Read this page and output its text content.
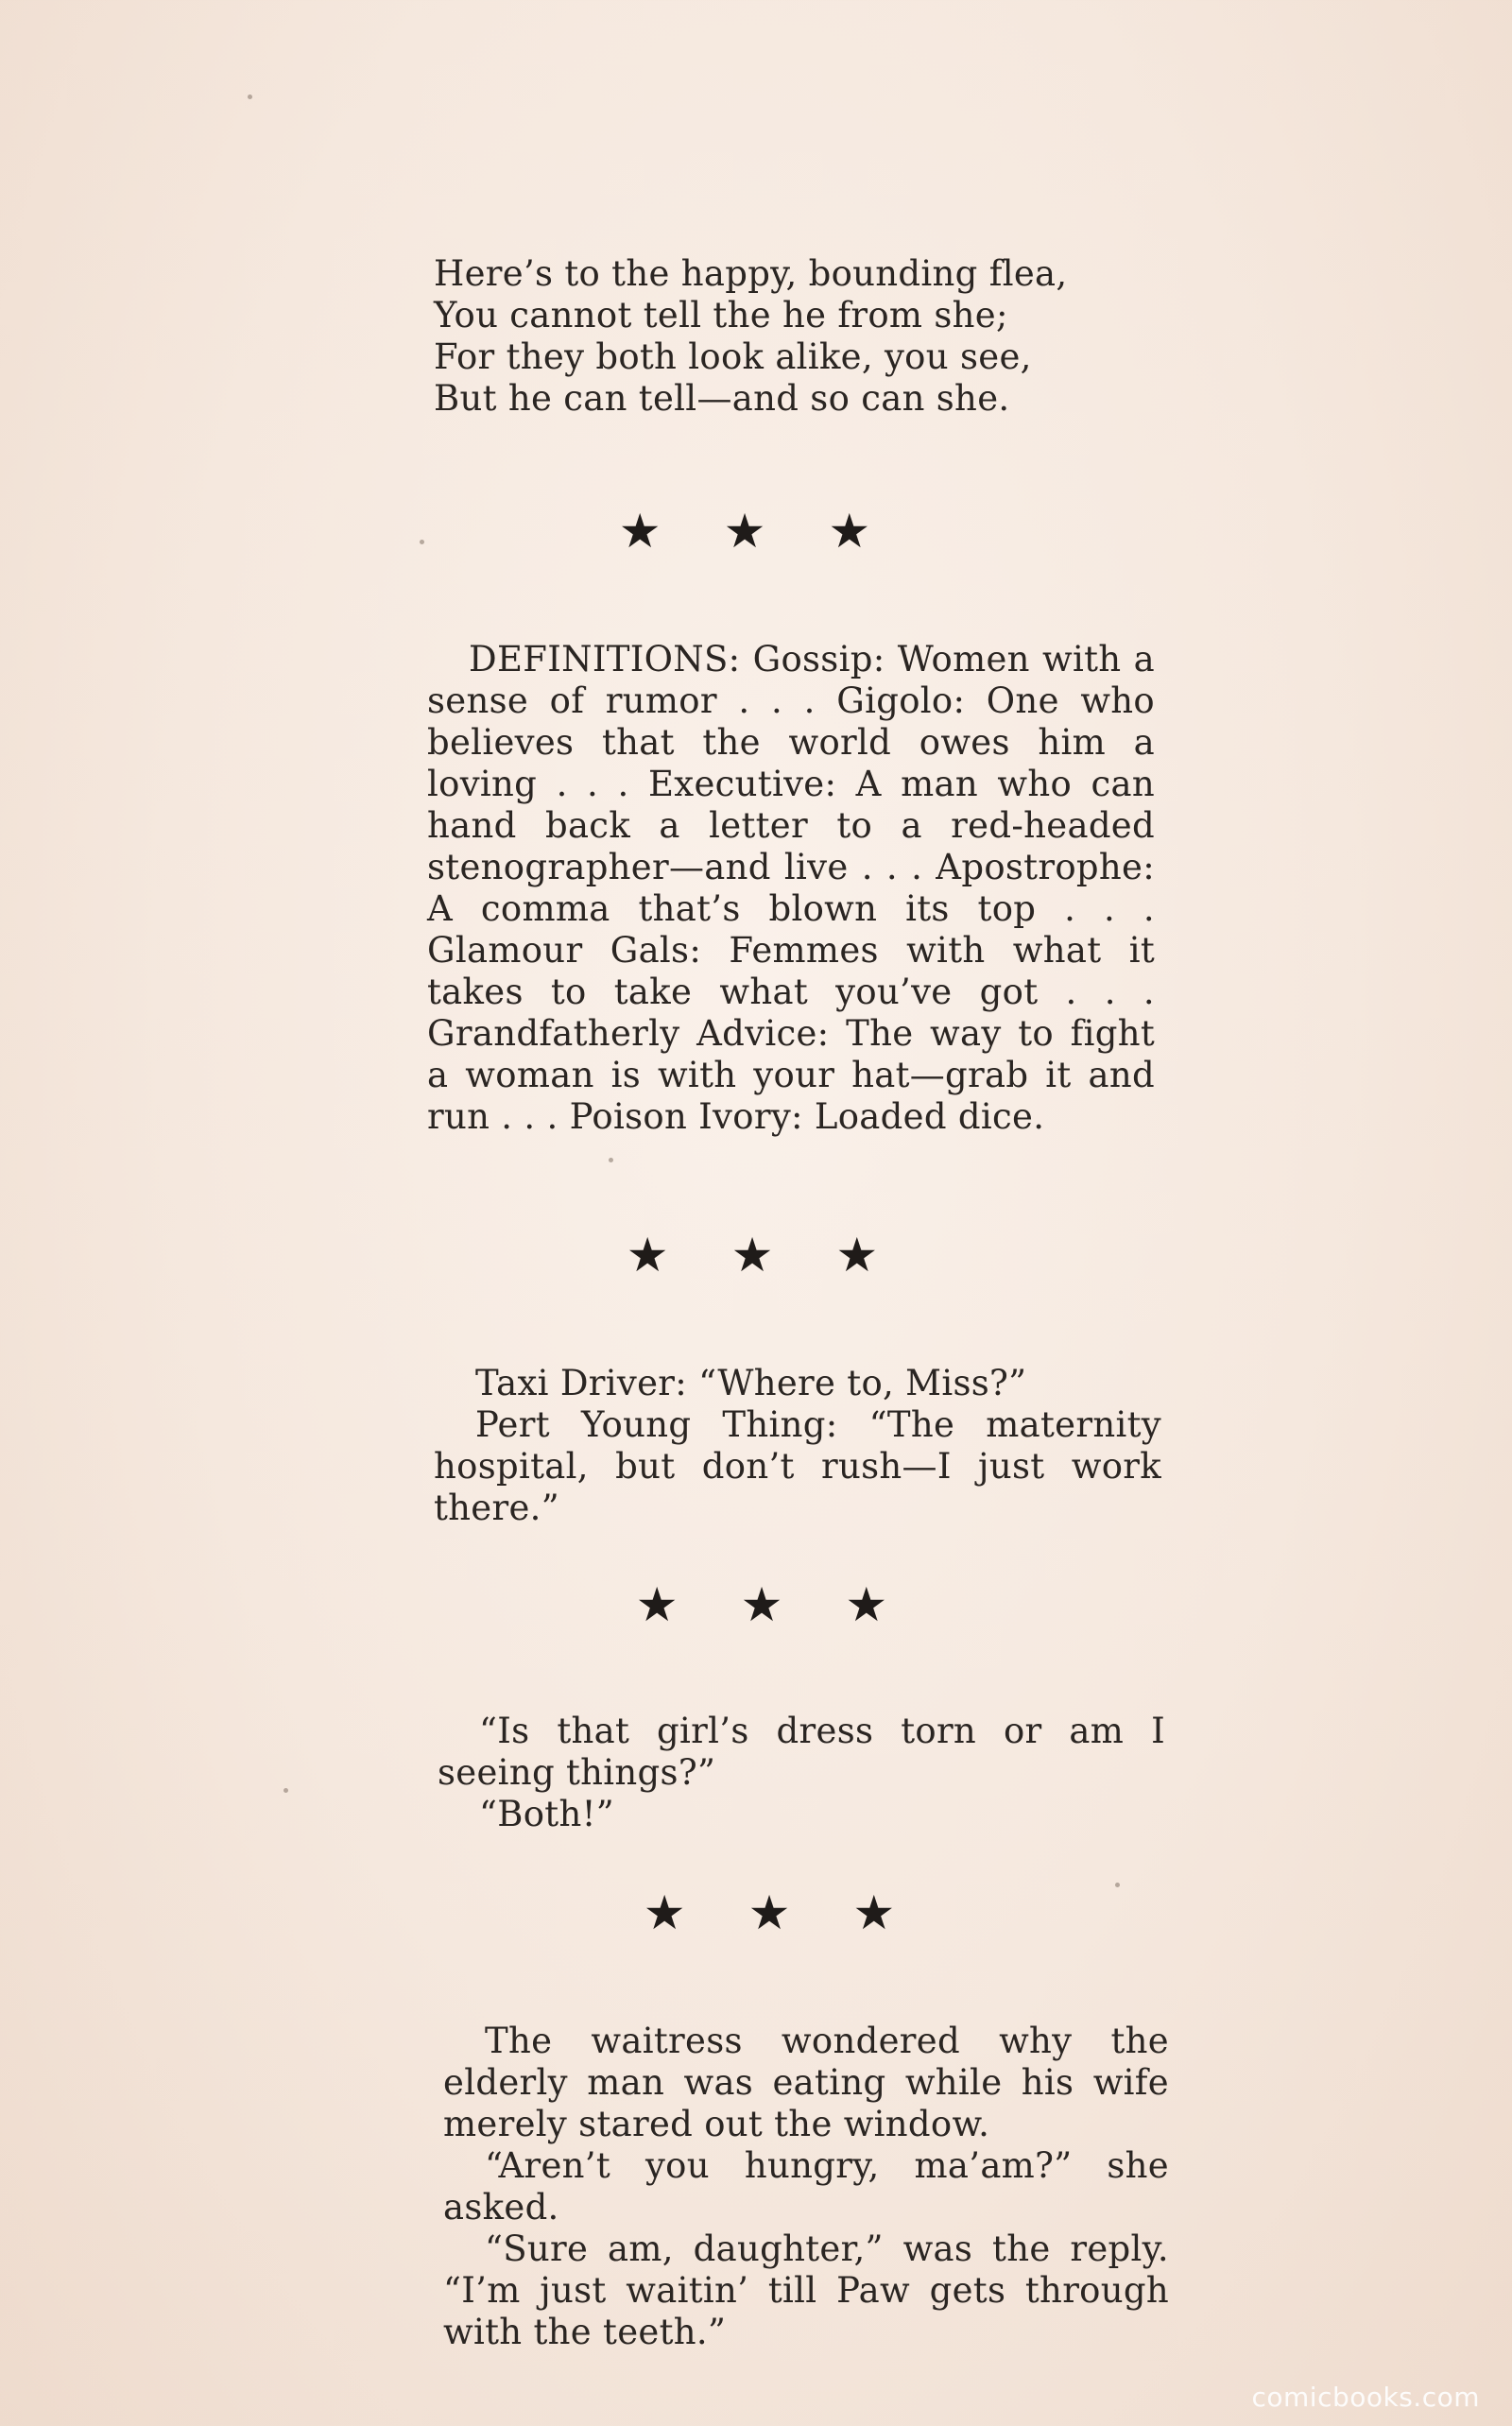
Here’s to the happy, bounding flea,

You cannot tell the he from she;

For they both look alike, you see,

But he can tell—and so can she.

★ ★ ★

DEFINITIONS: Gossip: Women with a sense of rumor . . . Gigolo: One who believes that the world owes him a loving . . . Executive: A man who can hand back a letter to a red-headed stenographer—and live . . . Apostrophe: A comma that’s blown its top . . . Glamour Gals: Femmes with what it takes to take what you’ve got . . . Grandfatherly Advice: The way to fight a woman is with your hat—grab it and run . . . Poison Ivory: Loaded dice.

★ ★ ★

Taxi Driver: “Where to, Miss?”

Pert Young Thing: “The maternity hospital, but don’t rush—I just work there.”

★ ★ ★

“Is that girl’s dress torn or am I seeing things?”

“Both!”

★ ★ ★

The waitress wondered why the elderly man was eating while his wife merely stared out the window.

“Aren’t you hungry, ma’am?” she asked.

“Sure am, daughter,” was the reply. “I’m just waitin’ till Paw gets through with the teeth.”

comicbooks.com
